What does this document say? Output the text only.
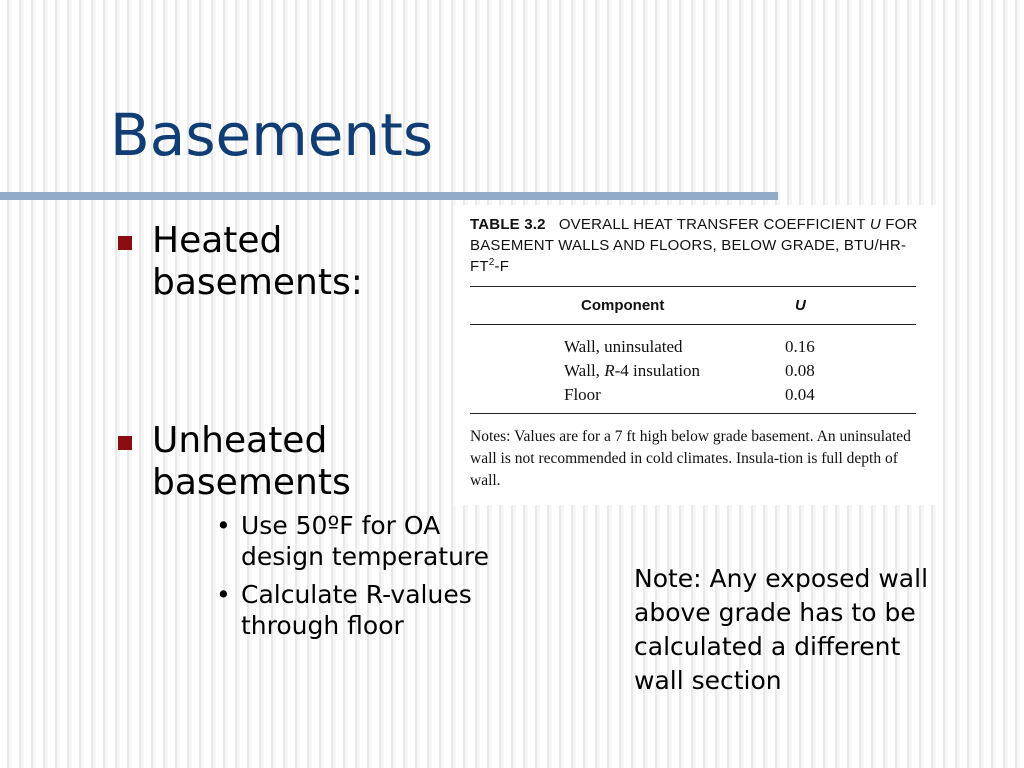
Basements
Heated basements:
Unheated basements
• Use 50ºF for OA design temperature
• Calculate R-values through floor
TABLE 3.2 OVERALL HEAT TRANSFER COEFFICIENT U FOR BASEMENT WALLS AND FLOORS, BELOW GRADE, BTU/$HR-FT^2-F$
Component	U
Wall, uninsulated	0.16
Wall, R-4 insulation	0.08
Floor	0.04
Notes: Values are for a 7 ft high below grade basement. An uninsulated wall is not recommended in cold climates. Insula-tion is full depth of wall.
Note: Any exposed wall above grade has to be calculated a different wall section
